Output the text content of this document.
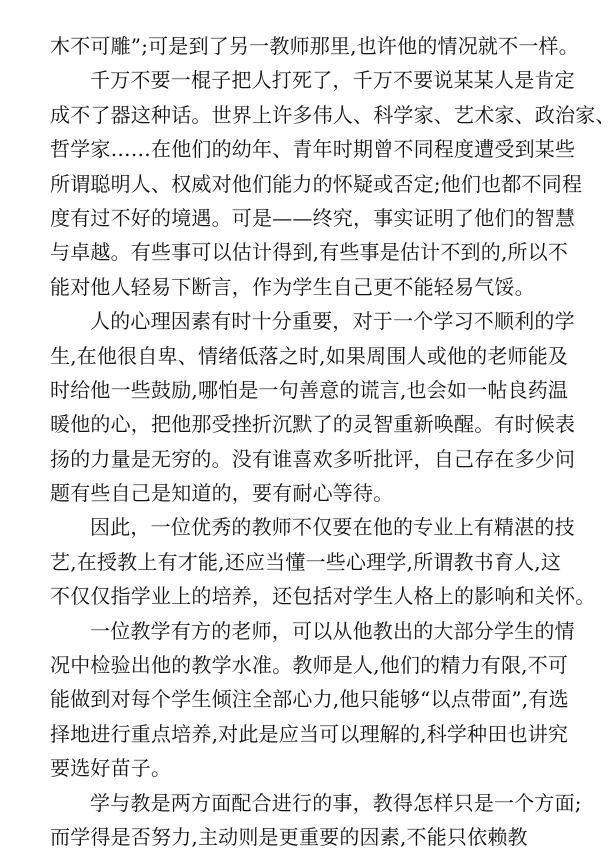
木不可雕”;可是到了另一教师那里,也许他的情况就不一样。
千万不要一棍子把人打死了，千万不要说某某人是肯定
成不了器这种话。世界上许多伟人、科学家、艺术家、政治家、
哲学家……在他们的幼年、青年时期曾不同程度遭受到某些
所谓聪明人、权威对他们能力的怀疑或否定;他们也都不同程
度有过不好的境遇。可是——终究，事实证明了他们的智慧
与卓越。有些事可以估计得到,有些事是估计不到的,所以不
能对他人轻易下断言，作为学生自己更不能轻易气馁。
人的心理因素有时十分重要，对于一个学习不顺利的学
生,在他很自卑、情绪低落之时,如果周围人或他的老师能及
时给他一些鼓励,哪怕是一句善意的谎言,也会如一帖良药温
暖他的心，把他那受挫折沉默了的灵智重新唤醒。有时候表
扬的力量是无穷的。没有谁喜欢多听批评，自己存在多少问
题有些自己是知道的，要有耐心等待。
因此，一位优秀的教师不仅要在他的专业上有精湛的技
艺,在授教上有才能,还应当懂一些心理学,所谓教书育人,这
不仅仅指学业上的培养，还包括对学生人格上的影响和关怀。
一位教学有方的老师，可以从他教出的大部分学生的情
况中检验出他的教学水准。教师是人,他们的精力有限,不可
能做到对每个学生倾注全部心力,他只能够“以点带面”,有选
择地进行重点培养,对此是应当可以理解的,科学种田也讲究
要选好苗子。
学与教是两方面配合进行的事，教得怎样只是一个方面;
而学得是否努力,主动则是更重要的因素,不能只依赖教
